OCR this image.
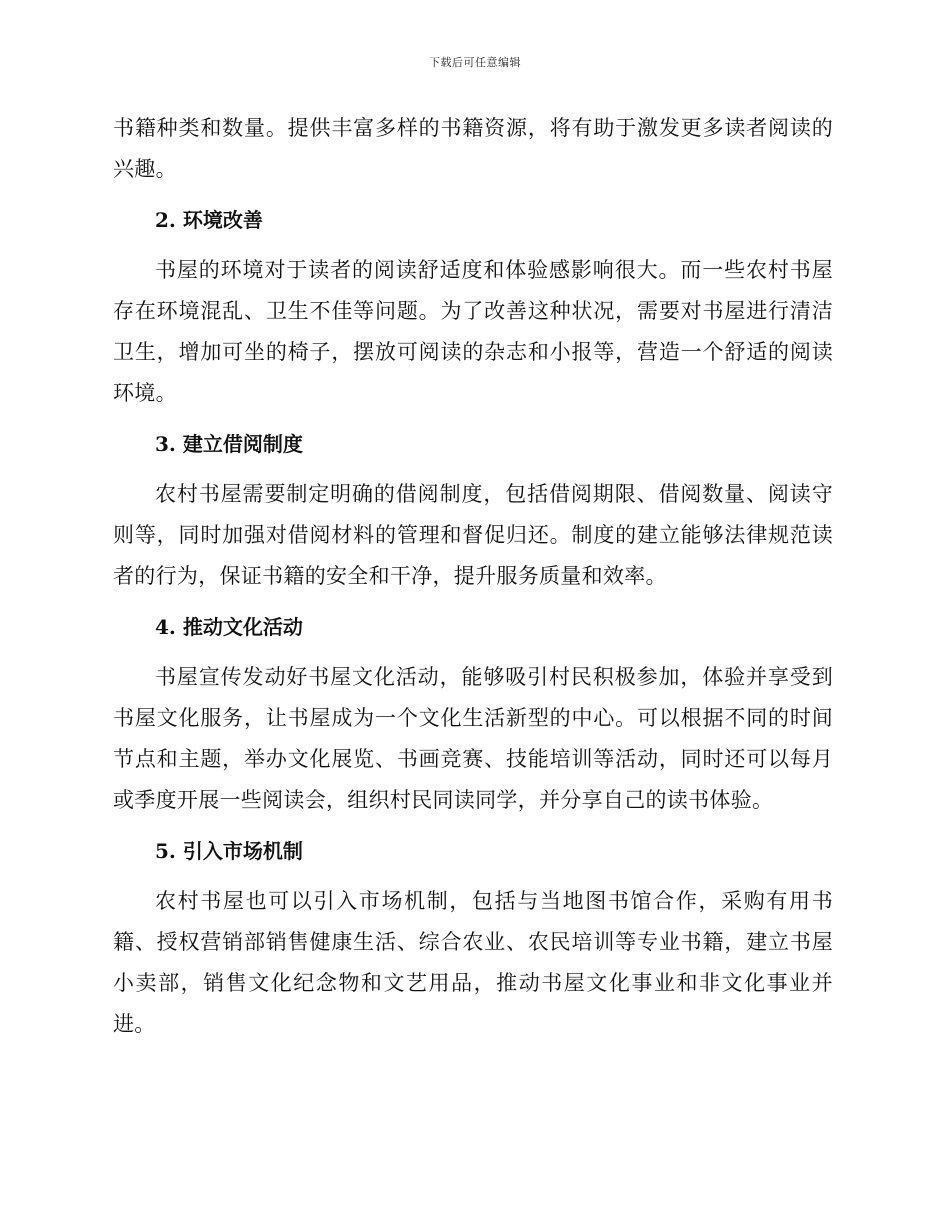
下载后可任意编辑

书籍种类和数量。提供丰富多样的书籍资源，将有助于激发更多读者阅读的兴趣。

2. 环境改善

书屋的环境对于读者的阅读舒适度和体验感影响很大。而一些农村书屋存在环境混乱、卫生不佳等问题。为了改善这种状况，需要对书屋进行清洁卫生，增加可坐的椅子，摆放可阅读的杂志和小报等，营造一个舒适的阅读环境。

3. 建立借阅制度

农村书屋需要制定明确的借阅制度，包括借阅期限、借阅数量、阅读守则等，同时加强对借阅材料的管理和督促归还。制度的建立能够法律规范读者的行为，保证书籍的安全和干净，提升服务质量和效率。

4. 推动文化活动

书屋宣传发动好书屋文化活动，能够吸引村民积极参加，体验并享受到书屋文化服务，让书屋成为一个文化生活新型的中心。可以根据不同的时间节点和主题，举办文化展览、书画竞赛、技能培训等活动，同时还可以每月或季度开展一些阅读会，组织村民同读同学，并分享自己的读书体验。

5. 引入市场机制

农村书屋也可以引入市场机制，包括与当地图书馆合作，采购有用书籍、授权营销部销售健康生活、综合农业、农民培训等专业书籍，建立书屋小卖部，销售文化纪念物和文艺用品，推动书屋文化事业和非文化事业并进。
